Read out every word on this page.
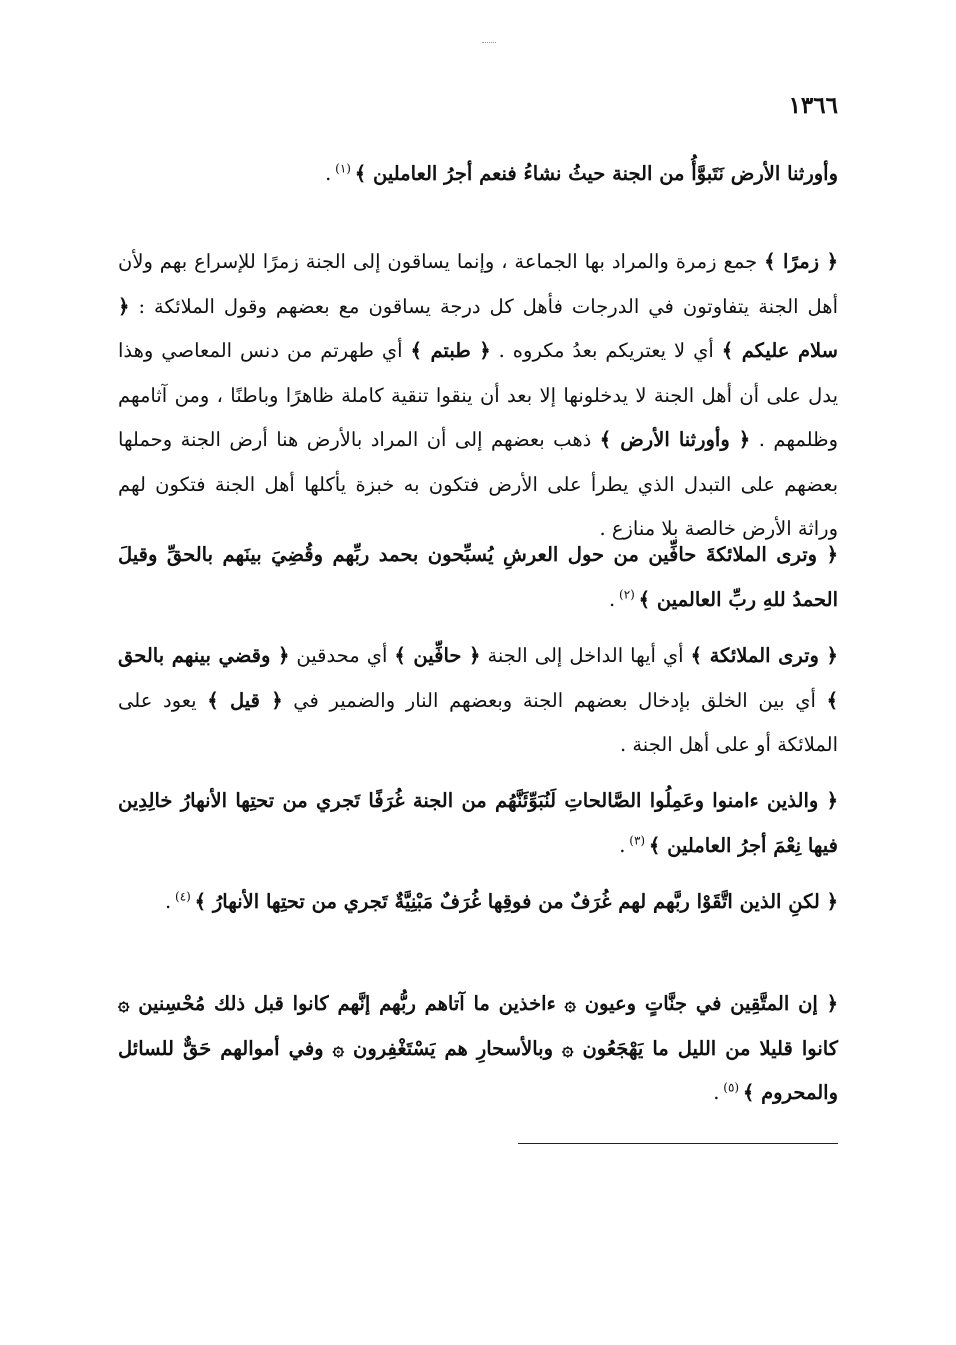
١٣٦٦
وأورثنا الأرض نَتَبوَّأُ من الجنة حيثُ نشاءُ فنعم أجرُ العاملين ﴾ $^{(١)}$ .
﴿ زمرًا ﴾ جمع زمرة والمراد بها الجماعة ، وإنما يساقون إلى الجنة زمرًا للإسراع بهم ولأن أهل الجنة يتفاوتون في الدرجات فأهل كل درجة يساقون مع بعضهم وقول الملائكة : ﴿ سلام عليكم ﴾ أي لا يعتريكم بعدُ مكروه . ﴿ طبتم ﴾ أي طهرتم من دنس المعاصي وهذا يدل على أن أهل الجنة لا يدخلونها إلا بعد أن ينقوا تنقية كاملة ظاهرًا وباطنًا ، ومن آثامهم وظلمهم . ﴿ وأورثنا الأرض ﴾ ذهب بعضهم إلى أن المراد بالأرض هنا أرض الجنة وحملها بعضهم على التبدل الذي يطرأ على الأرض فتكون به خبزة يأكلها أهل الجنة فتكون لهم وراثة الأرض خالصة بلا منازع .
﴿ وترى الملائكةَ حافِّين من حول العرشِ يُسبِّحون بحمد ربِّهم وقُضِيَ بينَهم بالحقِّ وقيلَ الحمدُ للهِ ربِّ العالمين ﴾ $^{(٢)}$ .
﴿ وترى الملائكة ﴾ أي أيها الداخل إلى الجنة ﴿ حافِّين ﴾ أي محدقين ﴿ وقضي بينهم بالحق ﴾ أي بين الخلق بإدخال بعضهم الجنة وبعضهم النار والضمير في ﴿ قيل ﴾ يعود على الملائكة أو على أهل الجنة .
﴿ والذين ءامنوا وعَمِلُوا الصَّالحاتِ لَنُبَوِّئَنَّهُم من الجنة غُرَفًا تَجري من تحتِها الأنهارُ خالِدِين فيها نِعْمَ أجرُ العاملين ﴾ $^{(٣)}$ .
﴿ لكنِ الذين اتَّقَوْا ربَّهم لهم غُرَفٌ من فوقِها غُرَفٌ مَبْنِيَّةٌ تَجري من تحتِها الأنهارُ ﴾ $^{(٤)}$ .
﴿ إن المتَّقِين في جنَّاتٍ وعيون ۞ ءاخذين ما آتاهم ربُّهم إنَّهم كانوا قبل ذلك مُحْسِنين ۞ كانوا قليلا من الليل ما يَهْجَعُون ۞ وبالأسحارِ هم يَسْتَغْفِرون ۞ وفي أموالهم حَقٌّ للسائل والمحروم ﴾ $^{(٥)}$ .
